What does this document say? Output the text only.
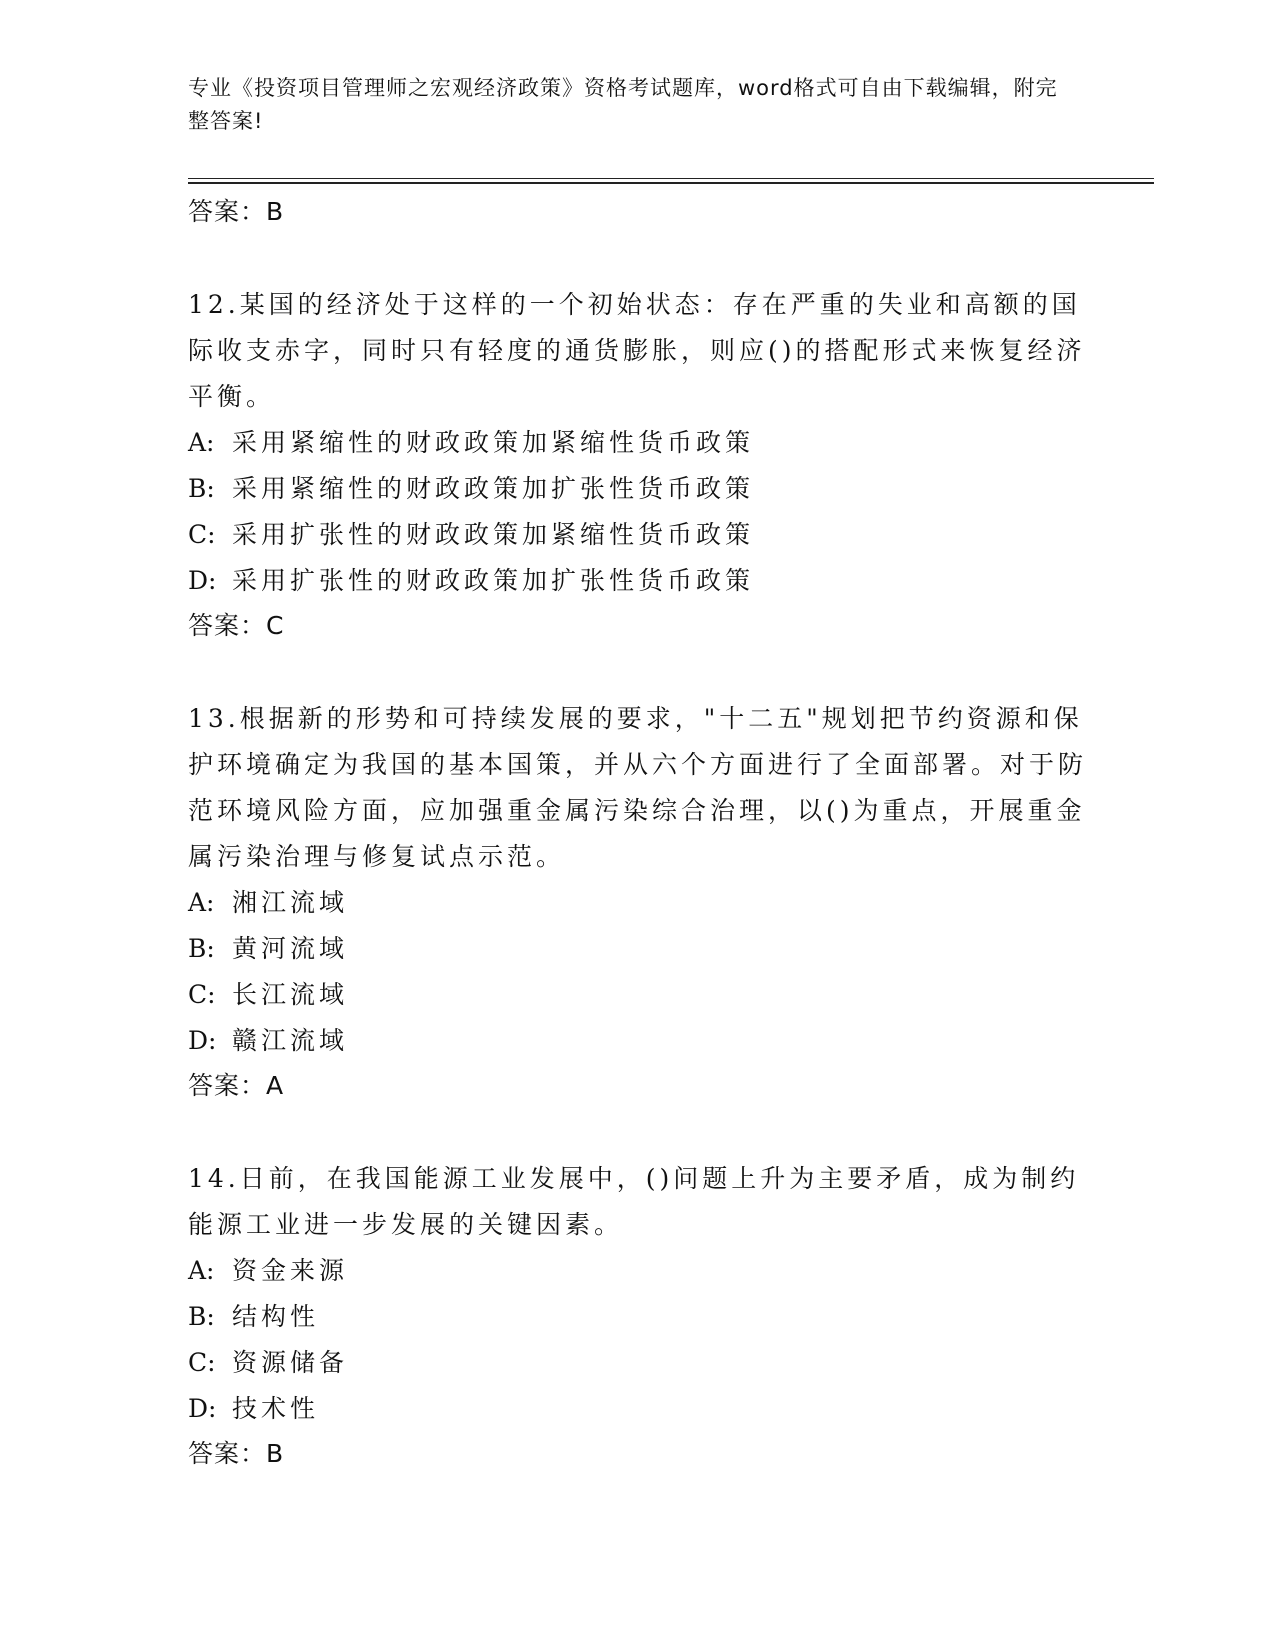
专业《投资项目管理师之宏观经济政策》资格考试题库，word格式可自由下载编辑，附完整答案!
答案：B
12.某国的经济处于这样的一个初始状态：存在严重的失业和高额的国际收支赤字，同时只有轻度的通货膨胀，则应()的搭配形式来恢复经济平衡。
A: 采用紧缩性的财政政策加紧缩性货币政策
B: 采用紧缩性的财政政策加扩张性货币政策
C: 采用扩张性的财政政策加紧缩性货币政策
D: 采用扩张性的财政政策加扩张性货币政策
答案：C
13.根据新的形势和可持续发展的要求，"十二五"规划把节约资源和保护环境确定为我国的基本国策，并从六个方面进行了全面部署。对于防范环境风险方面，应加强重金属污染综合治理，以()为重点，开展重金属污染治理与修复试点示范。
A: 湘江流域
B: 黄河流域
C: 长江流域
D: 赣江流域
答案：A
14.日前，在我国能源工业发展中，()问题上升为主要矛盾，成为制约能源工业进一步发展的关键因素。
A: 资金来源
B: 结构性
C: 资源储备
D: 技术性
答案：B
